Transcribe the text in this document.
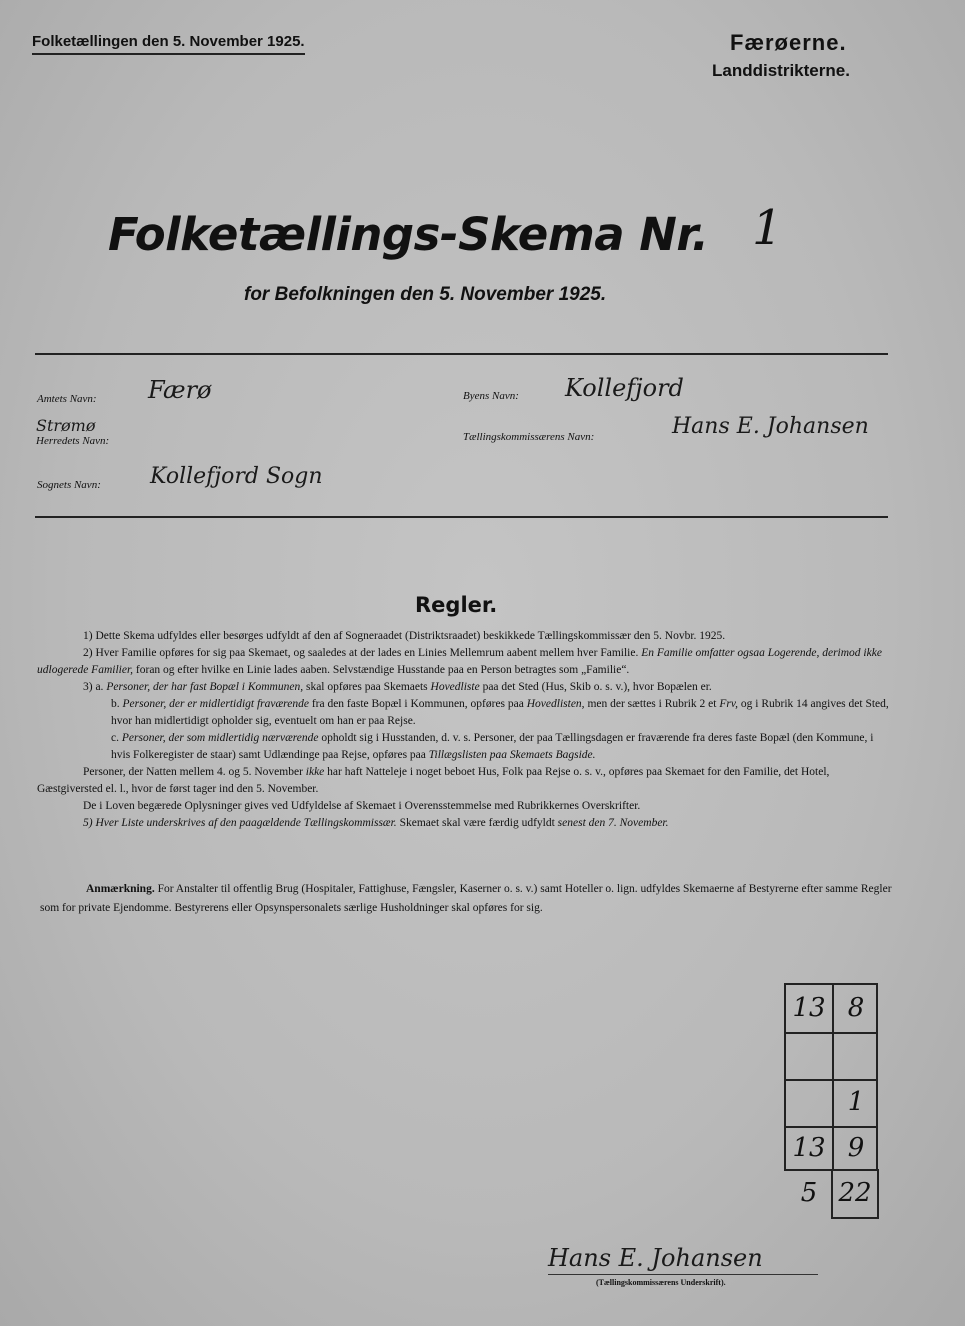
Folketællingen den 5. November 1925.	Færøerne.
Landdistrikterne.
Folketællings-Skema Nr. 1
for Befolkningen den 5. November 1925.
Amtets Navn: Færø
Strømø
Herredets Navn:
Sognets Navn: Kollefjord Sogn
Byens Navn: Kollefjord
Tællingskommissærens Navn:	Hans E. Johansen
Regler.

1) Dette Skema udfyldes eller besørges udfyldt af den af Sogneraadet (Distriktsraadet) beskikkede Tællingskommissær den 5. Novbr. 1925.

2) Hver Familie opføres for sig paa Skemaet, og saaledes at der lades en Linies Mellemrum aabent mellem hver Familie. En Familie omfatter ogsaa Logerende, derimod ikke udlogerede Familier, foran og efter hvilke en Linie lades aaben. Selvstændige Husstande paa en Person betragtes som „Familie“.

3) a. Personer, der har fast Bopæl i Kommunen, skal opføres paa Skemaets Hovedliste paa det Sted (Hus, Skib o. s. v.), hvor Bopælen er.

b. Personer, der er midlertidigt fraværende fra den faste Bopæl i Kommunen, opføres paa Hovedlisten, men der sættes i Rubrik 2 et Frv, og i Rubrik 14 angives det Sted, hvor han midlertidigt opholder sig, eventuelt om han er paa Rejse.

c. Personer, der som midlertidig nærværende opholdt sig i Husstanden, d. v. s. Personer, der paa Tællingsdagen er fraværende fra deres faste Bopæl (den Kommune, i hvis Folkeregister de staar) samt Udlændinge paa Rejse, opføres paa Tillægslisten paa Skemaets Bagside.

Personer, der Natten mellem 4. og 5. November ikke har haft Natteleje i noget beboet Hus, Folk paa Rejse o. s. v., opføres paa Skemaet for den Familie, det Hotel, Gæstgiversted el. l., hvor de først tager ind den 5. November.

De i Loven begærede Oplysninger gives ved Udfyldelse af Skemaet i Overensstemmelse med Rubrikkernes Overskrifter.

5) Hver Liste underskrives af den paagældende Tællingskommissær. Skemaet skal være færdig udfyldt senest den 7. November.

Anmærkning. For Anstalter til offentlig Brug (Hospitaler, Fattighuse, Fængsler, Kaserner o. s. v.) samt Hoteller o. lign. udfyldes Skemaerne af Bestyrerne efter samme Regler som for private Ejendomme. Bestyrerens eller Opsynspersonalets særlige Husholdninger skal opføres for sig.
13 8
1
13 9
5 22
Hans E. Johansen
(Tællingskommissærens Underskrift).
